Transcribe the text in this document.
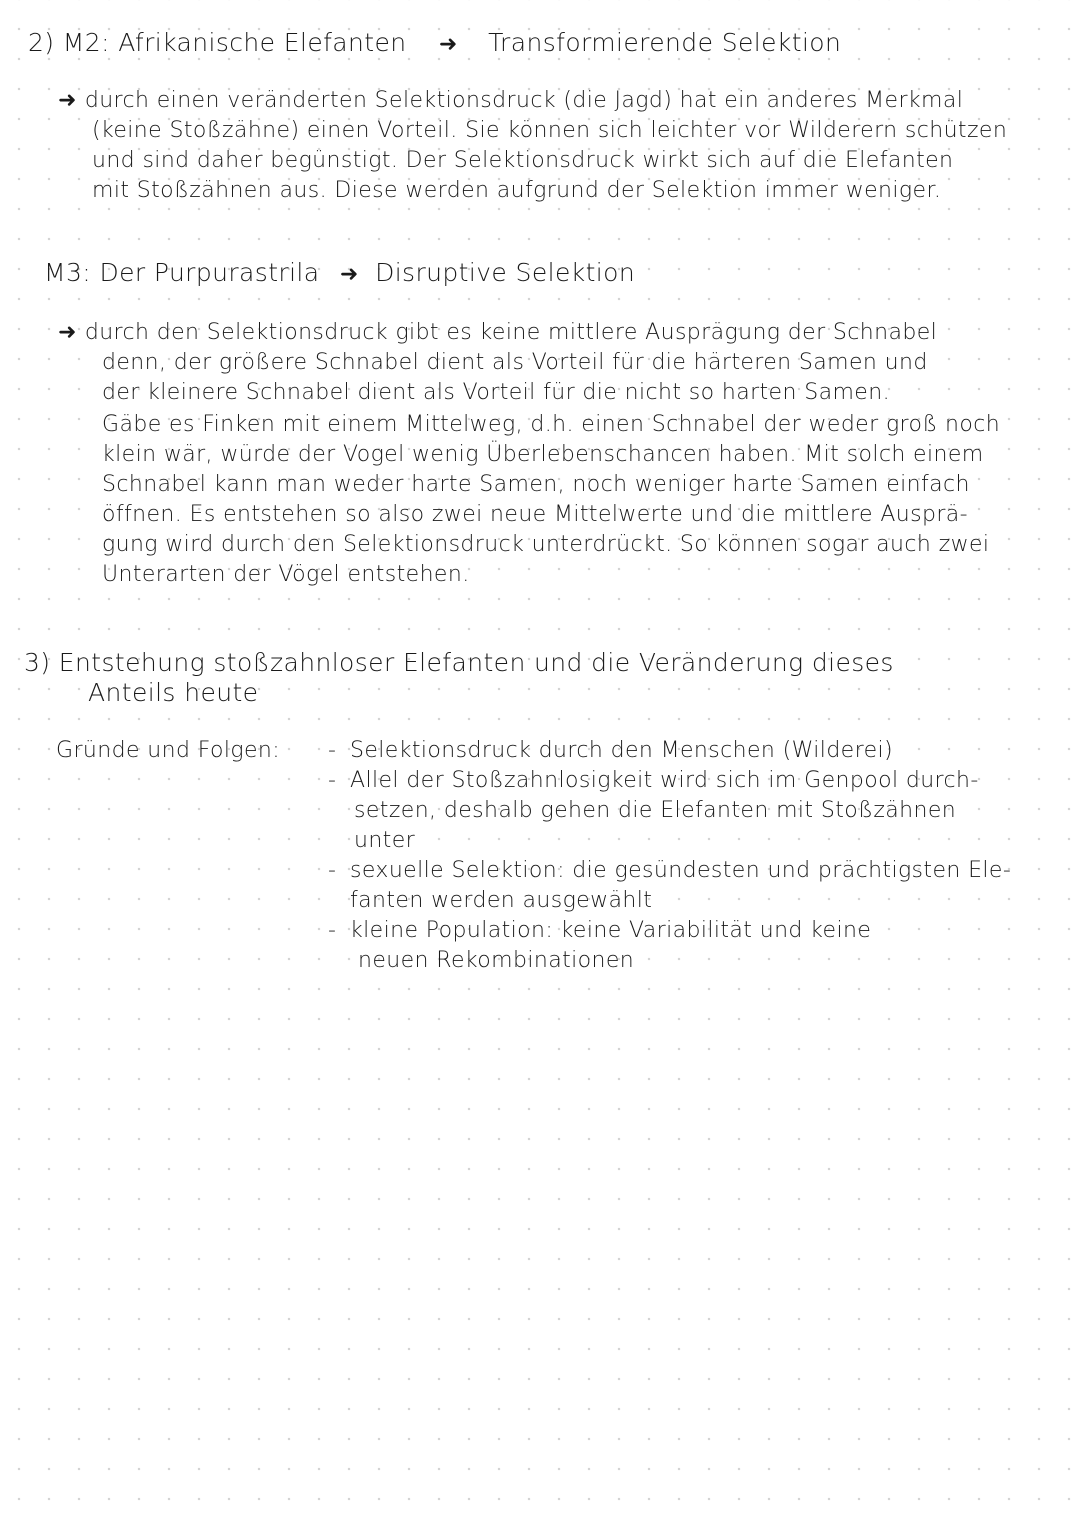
2) M2: Afrikanische Elefanten ➜ Transformierende Selektion
➜ durch einen veränderten Selektionsdruck (die Jagd) hat ein anderes Merkmal
(keine Stoßzähne) einen Vorteil. Sie können sich leichter vor Wilderern schützen
und sind daher begünstigt. Der Selektionsdruck wirkt sich auf die Elefanten
mit Stoßzähnen aus. Diese werden aufgrund der Selektion immer weniger.
M3: Der Purpurastrila ➜ Disruptive Selektion
➜ durch den Selektionsdruck gibt es keine mittlere Ausprägung der Schnabel
denn, der größere Schnabel dient als Vorteil für die härteren Samen und
der kleinere Schnabel dient als Vorteil für die nicht so harten Samen.
Gäbe es Finken mit einem Mittelweg, d.h. einen Schnabel der weder groß noch
klein wär, würde der Vogel wenig Überlebenschancen haben. Mit solch einem
Schnabel kann man weder harte Samen, noch weniger harte Samen einfach
öffnen. Es entstehen so also zwei neue Mittelwerte und die mittlere Ausprä-
gung wird durch den Selektionsdruck unterdrückt. So können sogar auch zwei
Unterarten der Vögel entstehen.
3) Entstehung stoßzahnloser Elefanten und die Veränderung dieses
Anteils heute
Gründe und Folgen: - Selektionsdruck durch den Menschen (Wilderei)
- Allel der Stoßzahnlosigkeit wird sich im Genpool durch-
setzen, deshalb gehen die Elefanten mit Stoßzähnen
unter
- sexuelle Selektion: die gesündesten und prächtigsten Ele-
fanten werden ausgewählt
- kleine Population: keine Variabilität und keine
neuen Rekombinationen
